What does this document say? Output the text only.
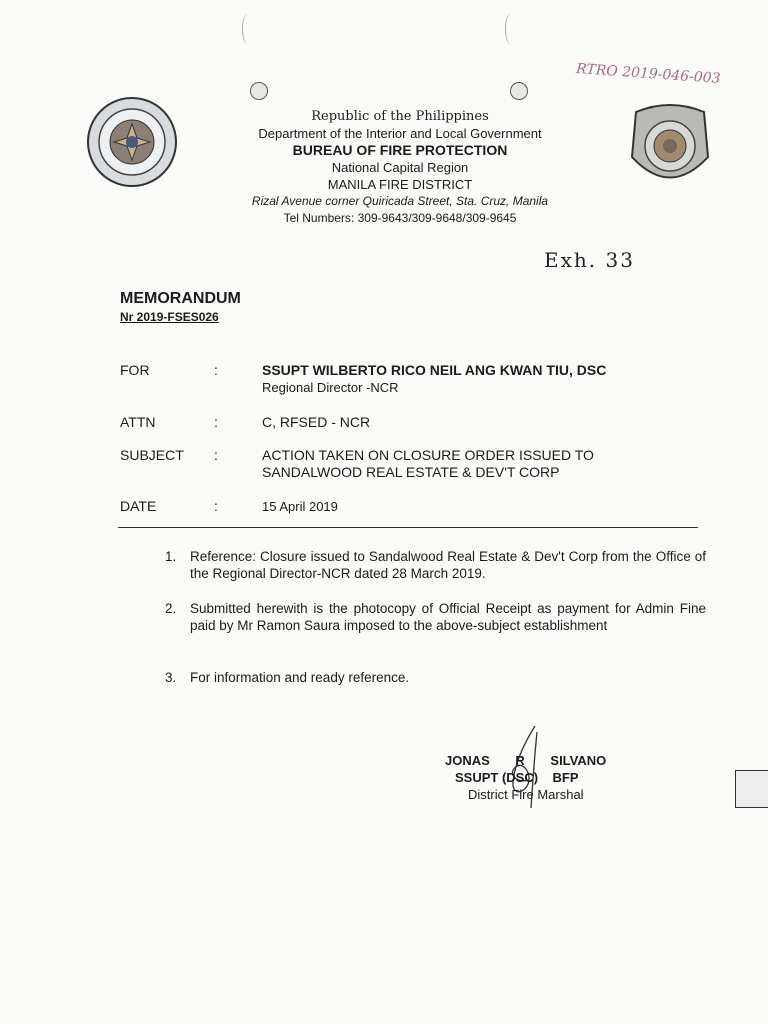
RTRO 2019-046-003
Republic of the Philippines
Department of the Interior and Local Government
BUREAU OF FIRE PROTECTION
National Capital Region
MANILA FIRE DISTRICT
Rizal Avenue corner Quiricada Street, Sta. Cruz, Manila
Tel Numbers: 309-9643/309-9648/309-9645
Exh. 33
MEMORANDUM
Nr 2019-FSES026
FOR	:	SSUPT WILBERTO RICO NEIL ANG KWAN TIU, DSC
Regional Director -NCR
ATTN	:	C, RFSED - NCR
SUBJECT	:	ACTION TAKEN ON CLOSURE ORDER ISSUED TO
SANDALWOOD REAL ESTATE & DEV'T CORP
DATE	:	15 April 2019
1. Reference: Closure issued to Sandalwood Real Estate & Dev't Corp from the Office of the Regional Director-NCR dated 28 March 2019.
2. Submitted herewith is the photocopy of Official Receipt as payment for Admin Fine paid by Mr Ramon Saura imposed to the above-subject establishment
3. For information and ready reference.
JONAS R SILVANO
SSUPT (DSC)    BFP
District Fire Marshal
